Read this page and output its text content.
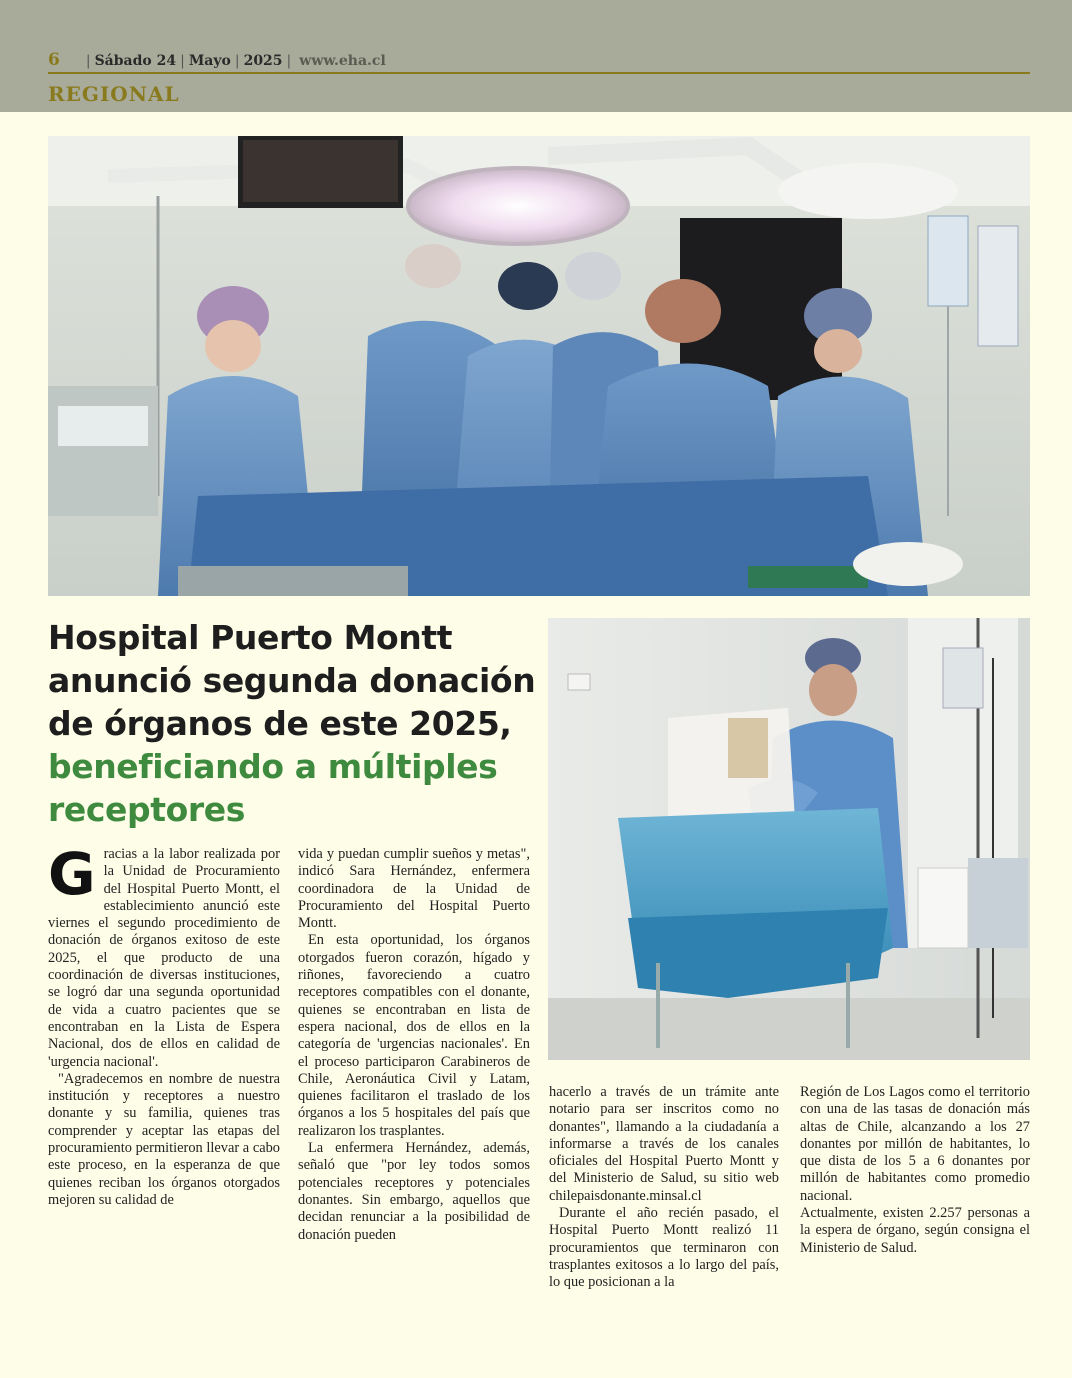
6 | Sábado 24 | Mayo | 2025 | www.eha.cl
REGIONAL
Hospital Puerto Montt anunció segunda donación de órganos de este 2025, beneficiando a múltiples receptores

Gracias a la labor realizada por la Unidad de Procuramiento del Hospital Puerto Montt, el establecimiento anunció este viernes el segundo procedimiento de donación de órganos exitoso de este 2025, el que producto de una coordinación de diversas instituciones, se logró dar una segunda oportunidad de vida a cuatro pacientes que se encontraban en la Lista de Espera Nacional, dos de ellos en calidad de 'urgencia nacional'.

"Agradecemos en nombre de nuestra institución y receptores a nuestro donante y su familia, quienes tras comprender y aceptar las etapas del procuramiento permitieron llevar a cabo este proceso, en la esperanza de que quienes reciban los órganos otorgados mejoren su calidad de

vida y puedan cumplir sueños y metas", indicó Sara Hernández, enfermera coordinadora de la Unidad de Procuramiento del Hospital Puerto Montt.

En esta oportunidad, los órganos otorgados fueron corazón, hígado y riñones, favoreciendo a cuatro receptores compatibles con el donante, quienes se encontraban en lista de espera nacional, dos de ellos en la categoría de 'urgencias nacionales'. En el proceso participaron Carabineros de Chile, Aeronáutica Civil y Latam, quienes facilitaron el traslado de los órganos a los 5 hospitales del país que realizaron los trasplantes.

La enfermera Hernández, además, señaló que "por ley todos somos potenciales receptores y potenciales donantes. Sin embargo, aquellos que decidan renunciar a la posibilidad de donación pueden

hacerlo a través de un trámite ante notario para ser inscritos como no donantes", llamando a la ciudadanía a informarse a través de los canales oficiales del Hospital Puerto Montt y del Ministerio de Salud, su sitio web chilepaisdonante.minsal.cl

Durante el año recién pasado, el Hospital Puerto Montt realizó 11 procuramientos que terminaron con trasplantes exitosos a lo largo del país, lo que posicionan a la

Región de Los Lagos como el territorio con una de las tasas de donación más altas de Chile, alcanzando a los 27 donantes por millón de habitantes, lo que dista de los 5 a 6 donantes por millón de habitantes como promedio nacional.

Actualmente, existen 2.257 personas a la espera de órgano, según consigna el Ministerio de Salud.
